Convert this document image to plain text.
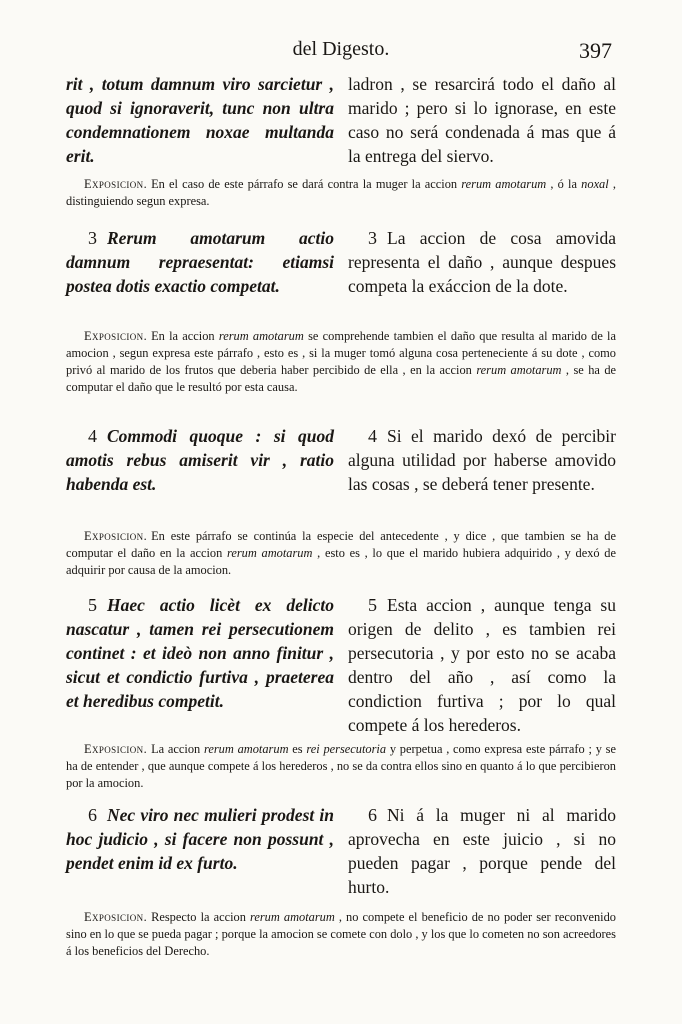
del Digesto.	397
rit , totum damnum viro sarcietur , quod si ignoraverit, tunc non ultra condemnationem noxae multanda erit.
ladron , se resarcirá todo el daño al marido ; pero si lo ignorase, en este caso no será condenada á mas que á la entrega del siervo.
Exposicion. En el caso de este párrafo se dará contra la muger la accion rerum amotarum , ó la noxal , distinguiendo segun expresa.
3 Rerum amotarum actio damnum repraesentat: etiamsi postea dotis exactio competat.
3 La accion de cosa amovida representa el daño , aunque despues competa la exáccion de la dote.
Exposicion. En la accion rerum amotarum se comprehende tambien el daño que resulta al marido de la amocion , segun expresa este párrafo , esto es , si la muger tomó alguna cosa perteneciente á su dote , como privó al marido de los frutos que deberia haber percibido de ella , en la accion rerum amotarum , se ha de computar el daño que le resultó por esta causa.
4 Commodi quoque : si quod amotis rebus amiserit vir , ratio habenda est.
4 Si el marido dexó de percibir alguna utilidad por haberse amovido las cosas , se deberá tener presente.
Exposicion. En este párrafo se continúa la especie del antecedente , y dice , que tambien se ha de computar el daño en la accion rerum amotarum , esto es , lo que el marido hubiera adquirido , y dexó de adquirir por causa de la amocion.
5 Haec actio licèt ex delicto nascatur , tamen rei persecutionem continet : et ideò non anno finitur , sicut et condictio furtiva , praeterea et heredibus competit.
5 Esta accion , aunque tenga su origen de delito , es tambien rei persecutoria , y por esto no se acaba dentro del año , así como la condiction furtiva ; por lo qual compete á los herederos.
Exposicion. La accion rerum amotarum es rei persecutoria y perpetua , como expresa este párrafo ; y se ha de entender , que aunque compete á los herederos , no se da contra ellos sino en quanto á lo que percibieron por la amocion.
6 Nec viro nec mulieri prodest in hoc judicio , si facere non possunt , pendet enim id ex furto.
6 Ni á la muger ni al marido aprovecha en este juicio , si no pueden pagar , porque pende del hurto.
Exposicion. Respecto la accion rerum amotarum , no compete el beneficio de no poder ser reconvenido sino en lo que se pueda pagar ; porque la amocion se comete con dolo , y los que lo cometen no son acreedores á los beneficios del Derecho.
